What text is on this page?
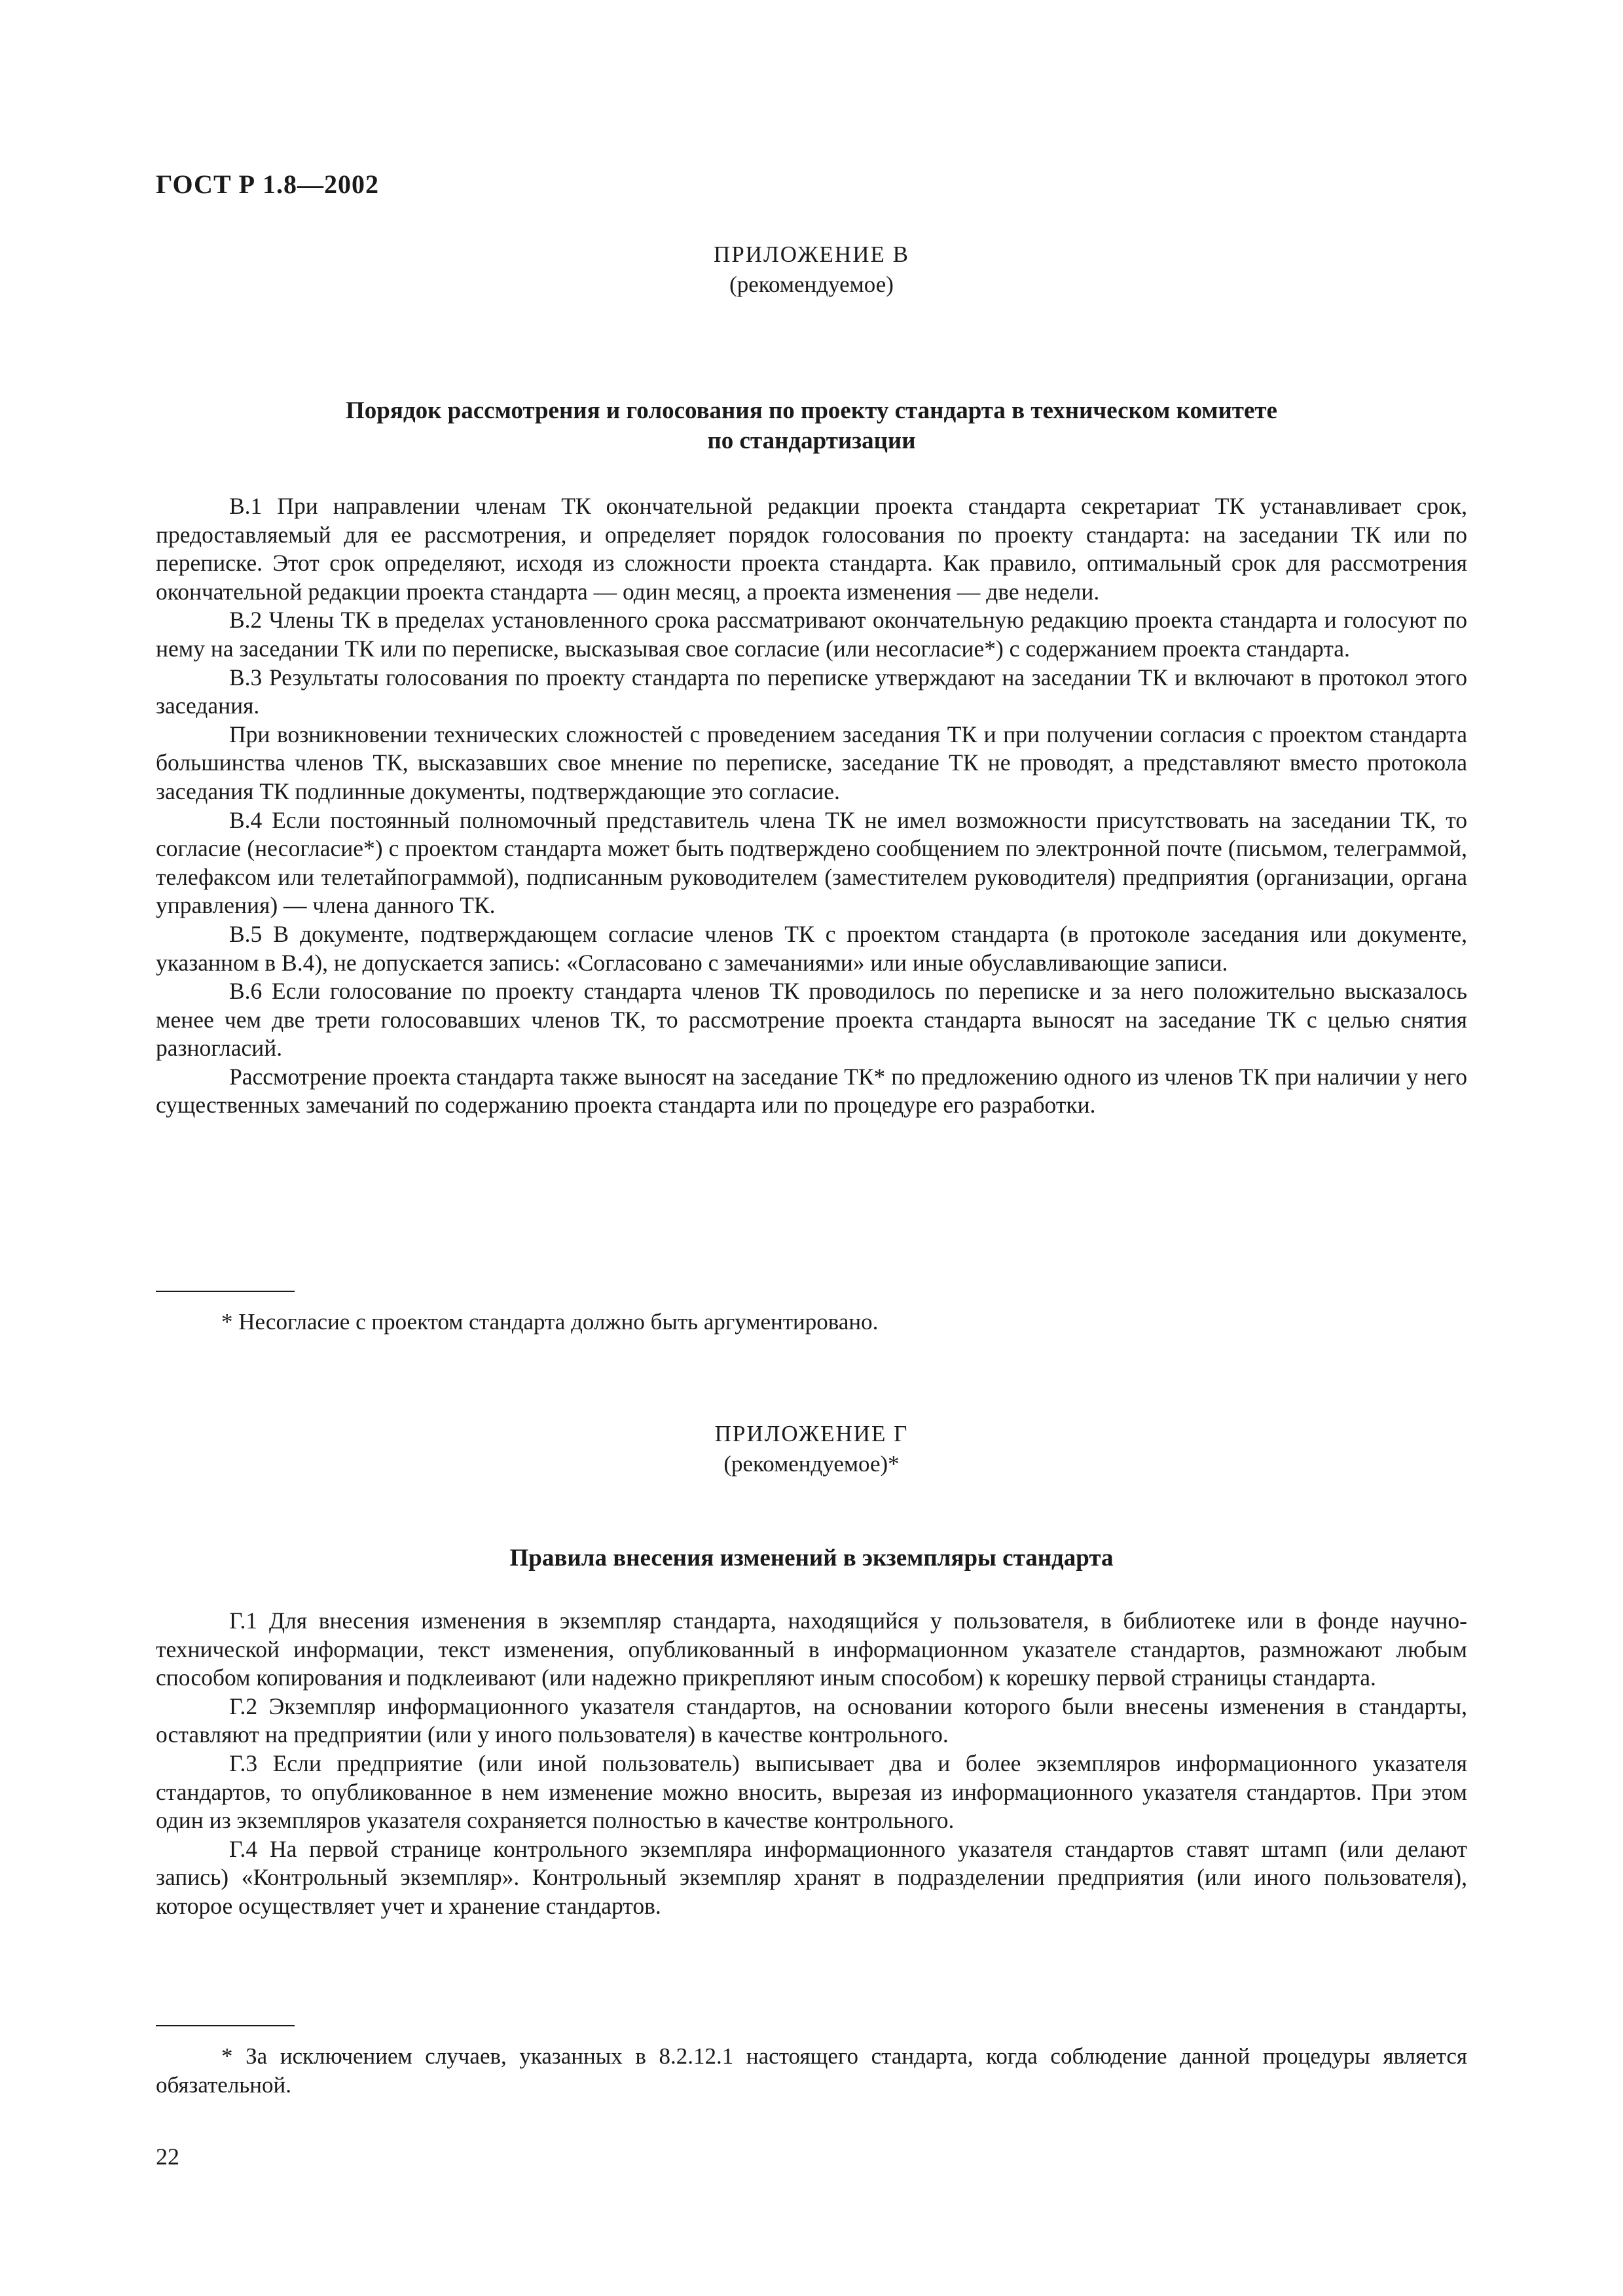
ГОСТ Р 1.8—2002
ПРИЛОЖЕНИЕ В
(рекомендуемое)
Порядок рассмотрения и голосования по проекту стандарта в техническом комитете
по стандартизации

В.1 При направлении членам ТК окончательной редакции проекта стандарта секретариат ТК устанавливает срок, предоставляемый для ее рассмотрения, и определяет порядок голосования по проекту стандарта: на заседании ТК или по переписке. Этот срок определяют, исходя из сложности проекта стандарта. Как правило, оптимальный срок для рассмотрения окончательной редакции проекта стандарта — один месяц, а проекта изменения — две недели.

В.2 Члены ТК в пределах установленного срока рассматривают окончательную редакцию проекта стандарта и голосуют по нему на заседании ТК или по переписке, высказывая свое согласие (или несогласие*) с содержанием проекта стандарта.

В.3 Результаты голосования по проекту стандарта по переписке утверждают на заседании ТК и включают в протокол этого заседания.

При возникновении технических сложностей с проведением заседания ТК и при получении согласия с проектом стандарта большинства членов ТК, высказавших свое мнение по переписке, заседание ТК не проводят, а представляют вместо протокола заседания ТК подлинные документы, подтверждающие это согласие.

В.4 Если постоянный полномочный представитель члена ТК не имел возможности присутствовать на заседании ТК, то согласие (несогласие*) с проектом стандарта может быть подтверждено сообщением по электронной почте (письмом, телеграммой, телефаксом или телетайпограммой), подписанным руководителем (заместителем руководителя) предприятия (организации, органа управления) — члена данного ТК.

В.5 В документе, подтверждающем согласие членов ТК с проектом стандарта (в протоколе заседания или документе, указанном в В.4), не допускается запись: «Согласовано с замечаниями» или иные обуславливающие записи.

В.6 Если голосование по проекту стандарта членов ТК проводилось по переписке и за него положительно высказалось менее чем две трети голосовавших членов ТК, то рассмотрение проекта стандарта выносят на заседание ТК с целью снятия разногласий.

Рассмотрение проекта стандарта также выносят на заседание ТК* по предложению одного из членов ТК при наличии у него существенных замечаний по содержанию проекта стандарта или по процедуре его разработки.

* Несогласие с проектом стандарта должно быть аргументировано.

ПРИЛОЖЕНИЕ Г
(рекомендуемое)*
Правила внесения изменений в экземпляры стандарта

Г.1 Для внесения изменения в экземпляр стандарта, находящийся у пользователя, в библиотеке или в фонде научно-технической информации, текст изменения, опубликованный в информационном указателе стандартов, размножают любым способом копирования и подклеивают (или надежно прикрепляют иным способом) к корешку первой страницы стандарта.

Г.2 Экземпляр информационного указателя стандартов, на основании которого были внесены изменения в стандарты, оставляют на предприятии (или у иного пользователя) в качестве контрольного.

Г.3 Если предприятие (или иной пользователь) выписывает два и более экземпляров информационного указателя стандартов, то опубликованное в нем изменение можно вносить, вырезая из информационного указателя стандартов. При этом один из экземпляров указателя сохраняется полностью в качестве контрольного.

Г.4 На первой странице контрольного экземпляра информационного указателя стандартов ставят штамп (или делают запись) «Контрольный экземпляр». Контрольный экземпляр хранят в подразделении предприятия (или иного пользователя), которое осуществляет учет и хранение стандартов.

* За исключением случаев, указанных в 8.2.12.1 настоящего стандарта, когда соблюдение данной процедуры является обязательной.

22
